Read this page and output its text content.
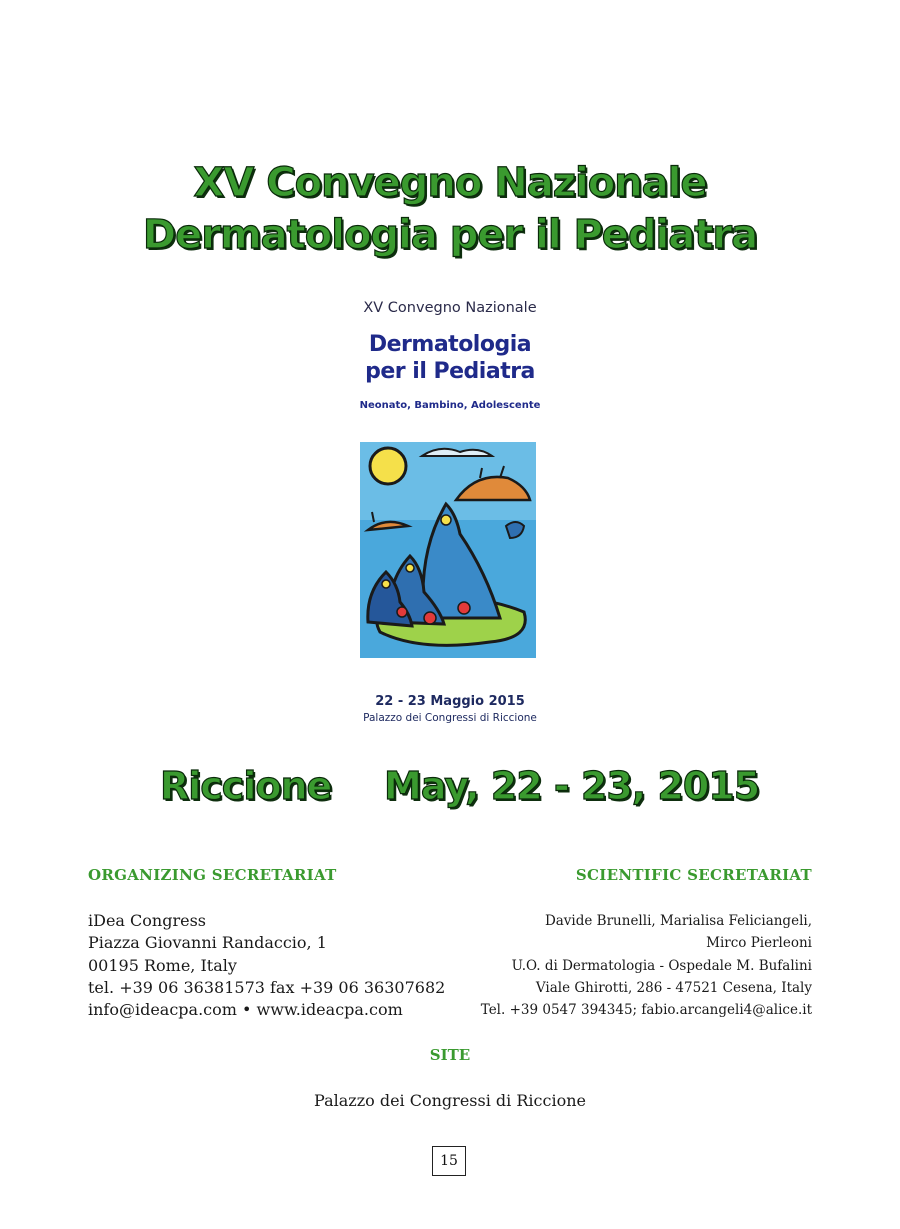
XV Convegno Nazionale
Dermatologia per il Pediatra
XV Convegno Nazionale
Dermatologia
per il Pediatra
Neonato, Bambino, Adolescente
22 - 23 Maggio 2015
Palazzo dei Congressi di Riccione
Riccione May, 22 - 23, 2015
ORGANIZING SECRETARIAT	SCIENTIFIC SECRETARIAT
iDea Congress
Piazza Giovanni Randaccio, 1
00195 Rome, Italy
tel. +39 06 36381573 fax +39 06 36307682
info@ideacpa.com • www.ideacpa.com
Davide Brunelli, Marialisa Feliciangeli,
Mirco Pierleoni
U.O. di Dermatologia - Ospedale M. Bufalini
Viale Ghirotti, 286 - 47521 Cesena, Italy
Tel. +39 0547 394345; fabio.arcangeli4@alice.it
SITE
Palazzo dei Congressi di Riccione
15
